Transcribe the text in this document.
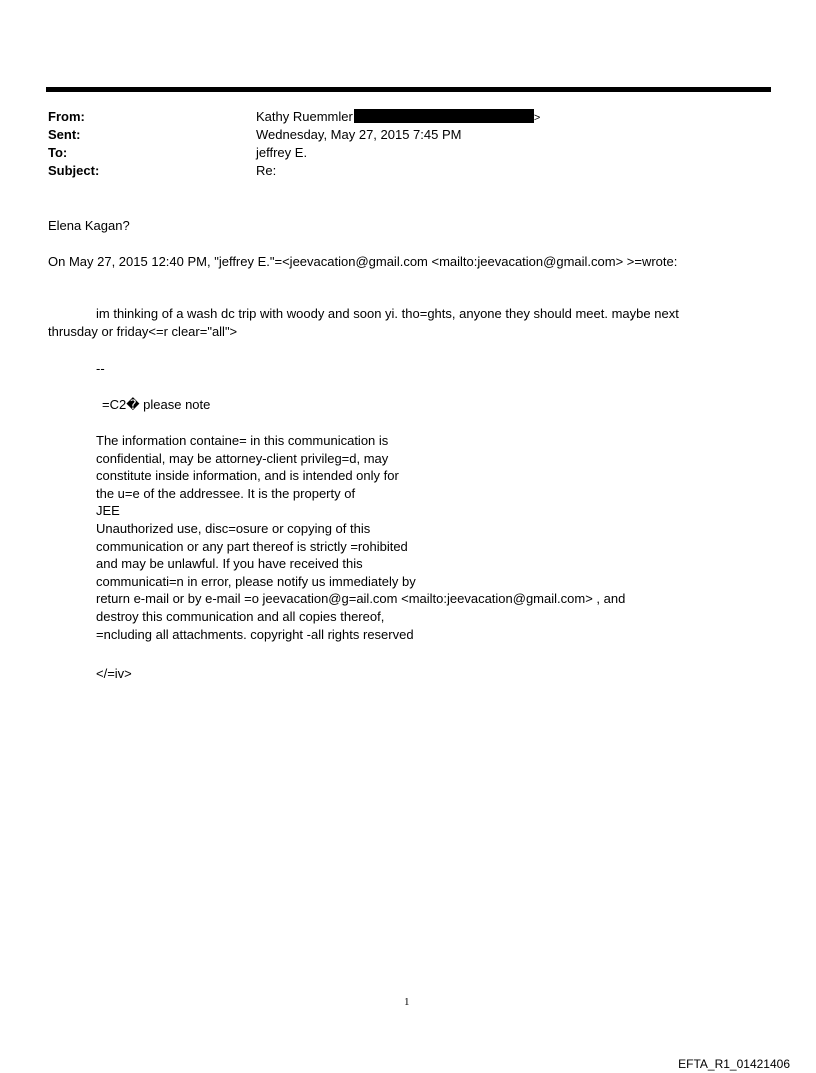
From:	Kathy Ruemmler	>
Sent:	Wednesday, May 27, 2015 7:45 PM
To:	jeffrey E.
Subject:	Re:
Elena Kagan?
On May 27, 2015 12:40 PM, "jeffrey E."=<jeevacation@gmail.com <mailto:jeevacation@gmail.com> >=wrote:
im thinking of a wash dc trip with woody and soon yi. tho=ghts, anyone they should meet. maybe next
thrusday or friday<=r clear="all">
--
=C2� please note
The information containe= in this communication is
confidential, may be attorney-client privileg=d, may
constitute inside information, and is intended only for
the u=e of the addressee. It is the property of
JEE
Unauthorized use, disc=osure or copying of this
communication or any part thereof is strictly =rohibited
and may be unlawful. If you have received this
communicati=n in error, please notify us immediately by
return e-mail or by e-mail =o jeevacation@g=ail.com <mailto:jeevacation@gmail.com> , and
destroy this communication and all copies thereof,
=ncluding all attachments. copyright -all rights reserved
</=iv>
1
EFTA_R1_01421406
